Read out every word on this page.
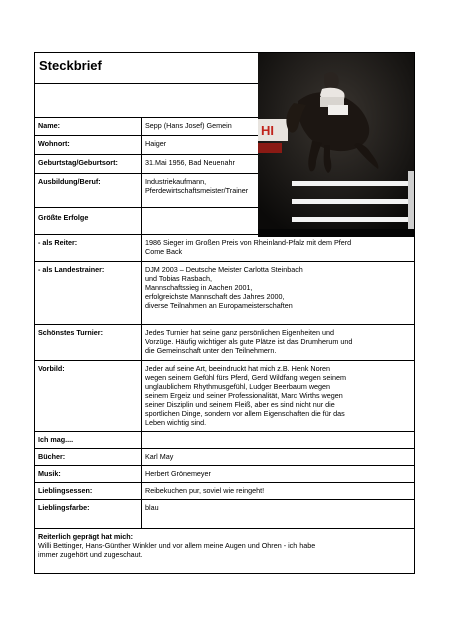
Steckbrief
Name:	Sepp (Hans Josef) Gemein
Wohnort:	Haiger
Geburtstag/Geburtsort:	31.Mai 1956, Bad Neuenahr
Ausbildung/Beruf:	Industriekaufmann,
Pferdewirtschaftsmeister/Trainer
Größte Erfolge
- als Reiter:	1986 Sieger im Großen Preis von Rheinland-Pfalz mit dem Pferd
Come Back
- als Landestrainer:	DJM 2003 – Deutsche Meister Carlotta Steinbach
und Tobias Rasbach,
Mannschaftssieg in Aachen 2001,
erfolgreichste Mannschaft des Jahres 2000,
diverse Teilnahmen an Europameisterschaften
Schönstes Turnier:	Jedes Turnier hat seine ganz persönlichen Eigenheiten und
Vorzüge. Häufig wichtiger als gute Plätze ist das Drumherum und
die Gemeinschaft unter den Teilnehmern.
Vorbild:	Jeder auf seine Art, beeindruckt hat mich z.B. Henk Noren
wegen seinem Gefühl fürs Pferd, Gerd Wildfang wegen seinem
unglaublichem Rhythmusgefühl, Ludger Beerbaum wegen
seinem Ergeiz und seiner Professionalität, Marc Wirths wegen
seiner Disziplin und seinem Fleiß, aber es sind nicht nur die
sportlichen Dinge, sondern vor allem Eigenschaften die für das
Leben wichtig sind.
Ich mag....
Bücher:	Karl May
Musik:	Herbert Grönemeyer
Lieblingsessen:	Reibekuchen pur, soviel wie reingeht!
Lieblingsfarbe:	blau
Reiterlich geprägt hat mich:
Willi Bettinger, Hans-Günther Winkler und vor allem meine Augen und Ohren - ich habe
immer zugehört und zugeschaut.
HI
